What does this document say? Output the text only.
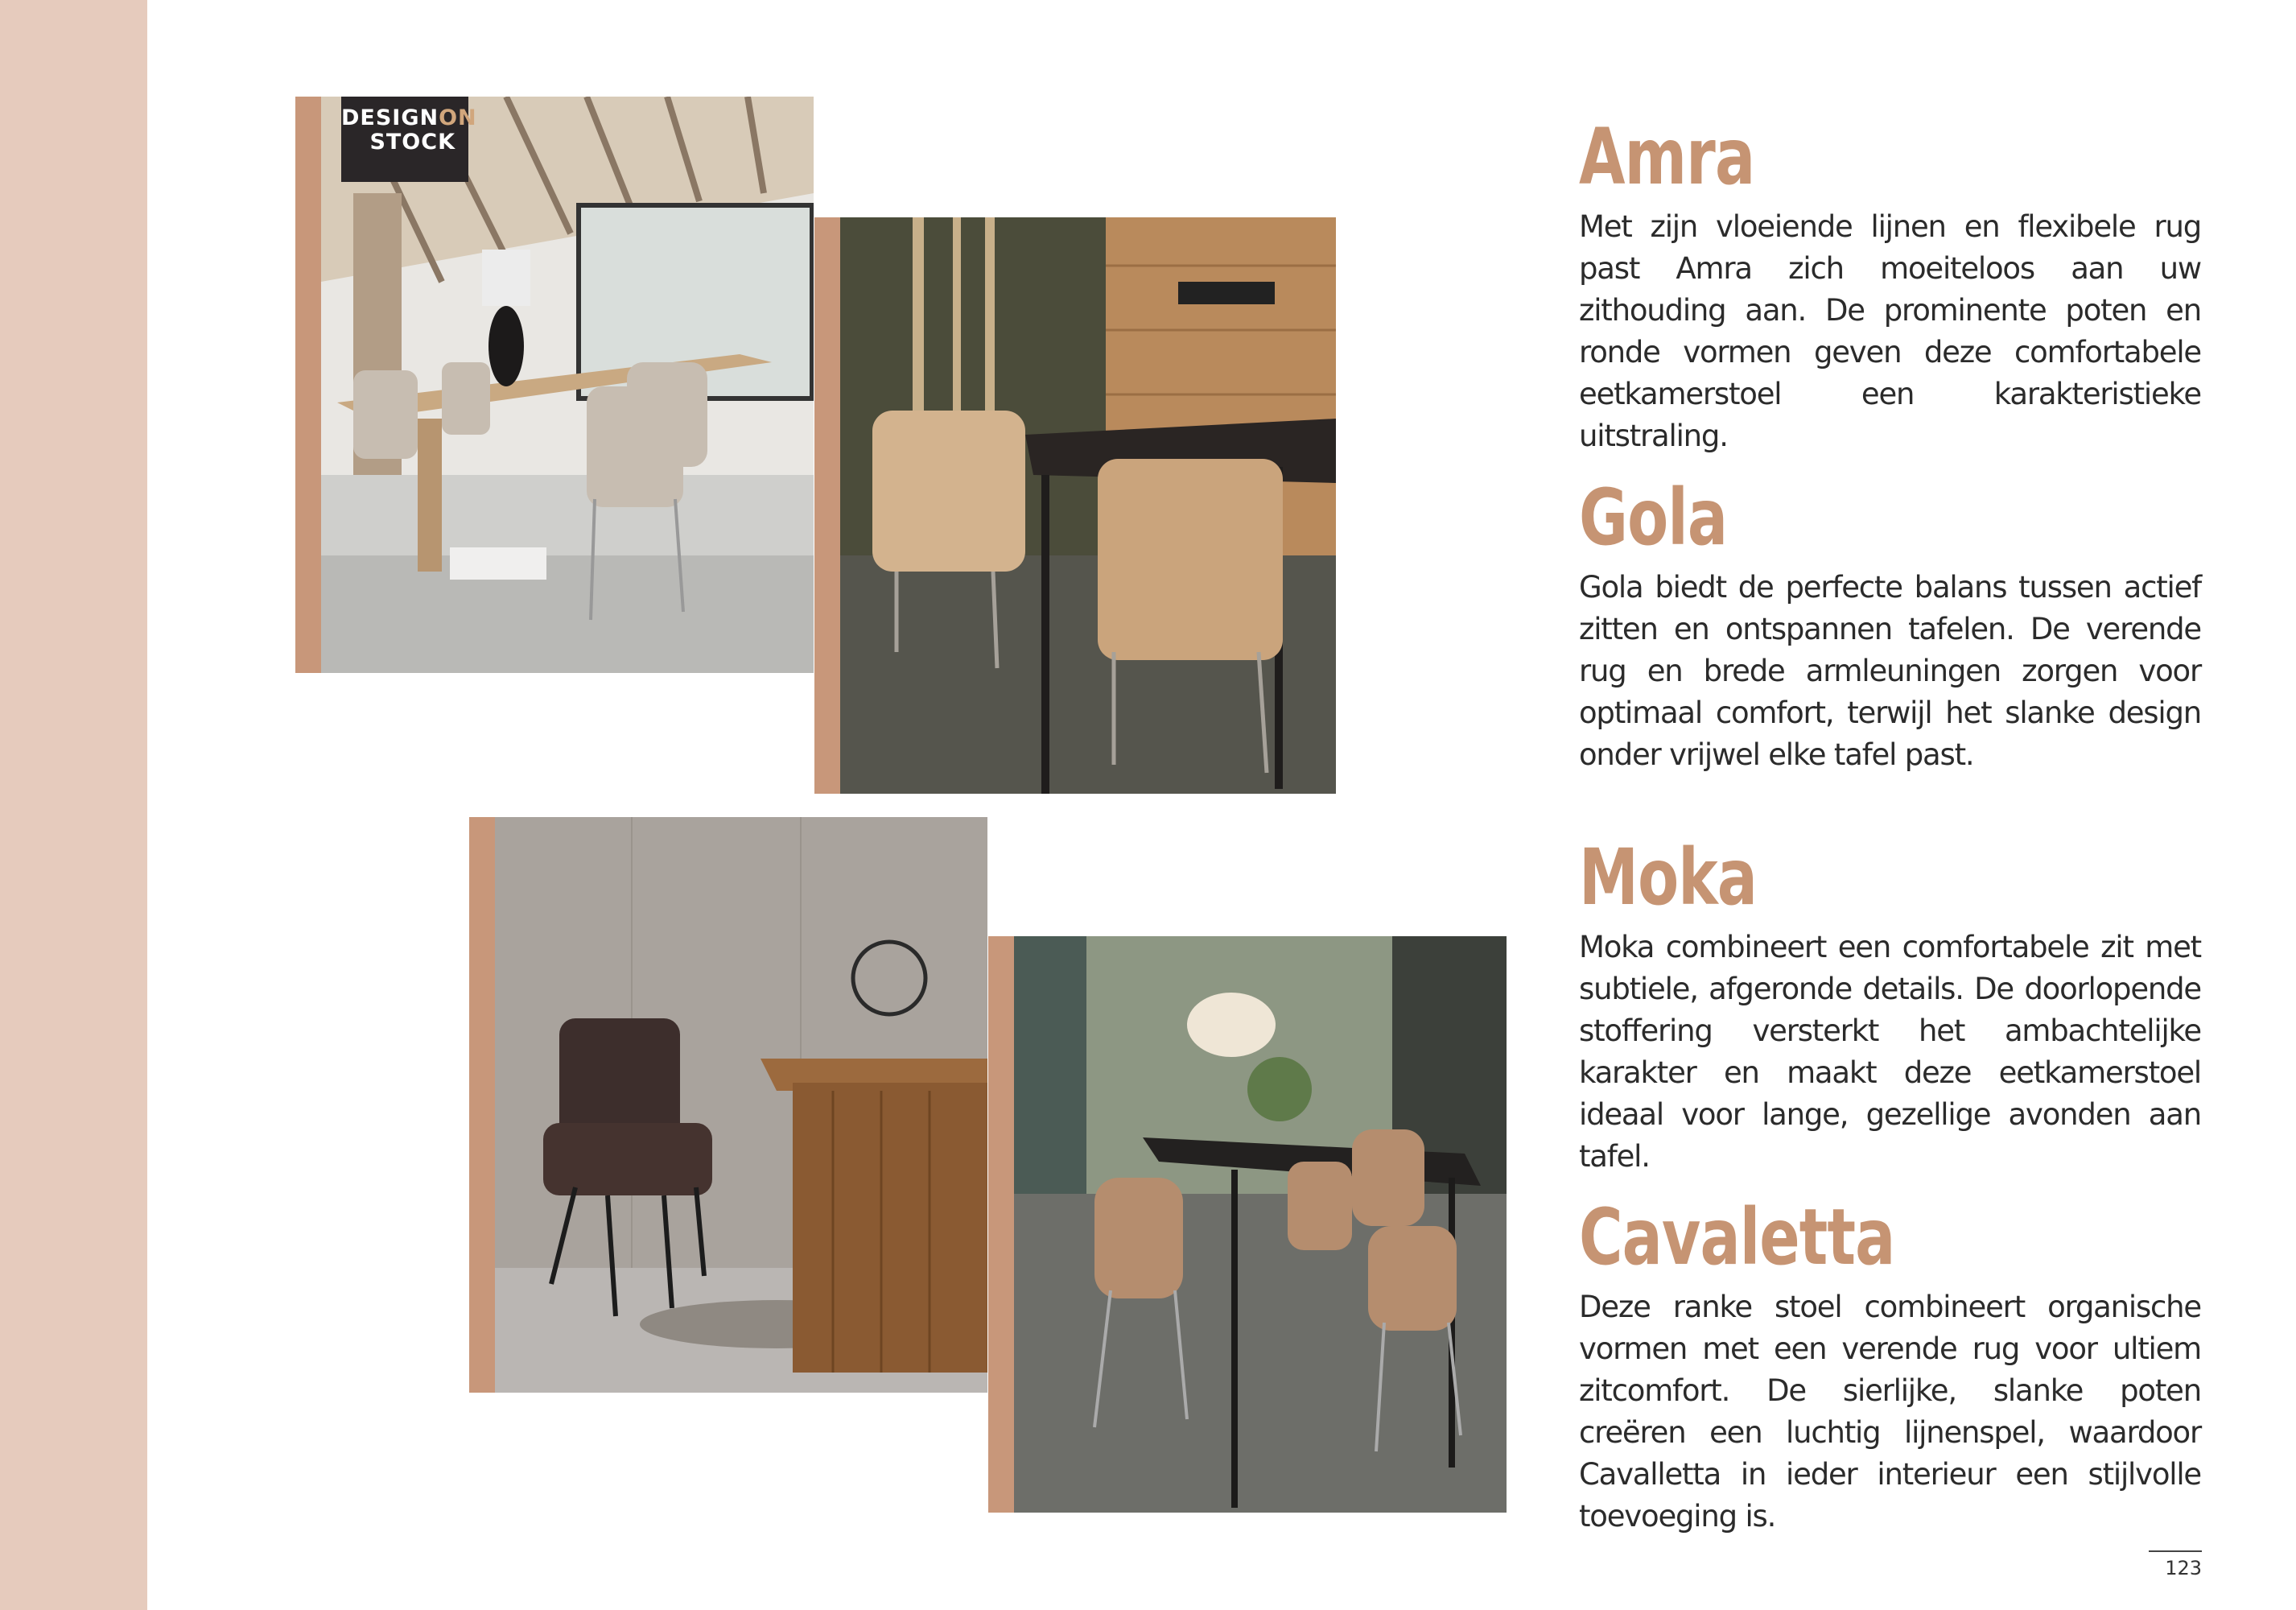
DESIGNON
STOCK	Amra

Met zijn vloeiende lijnen en flexibele rug past Amra zich moeiteloos aan uw zithouding aan. De prominente poten en ronde vormen geven deze comfortabele eetkamerstoel een karakteristieke uitstraling.

Gola

Gola biedt de perfecte balans tussen actief zitten en ontspannen tafelen. De verende rug en brede armleuningen zorgen voor optimaal comfort, terwijl het slanke design onder vrijwel elke tafel past.

Moka

Moka combineert een comfortabele zit met subtiele, afgeronde details. De doorlopende stoffering versterkt het ambachtelijke karakter en maakt deze eetkamerstoel ideaal voor lange, gezellige avonden aan tafel.

Cavaletta

Deze ranke stoel combineert organische vormen met een verende rug voor ultiem zitcomfort. De sierlijke, slanke poten creëren een luchtig lijnenspel, waardoor Cavalletta in ieder interieur een stijlvolle toevoeging is.

123
